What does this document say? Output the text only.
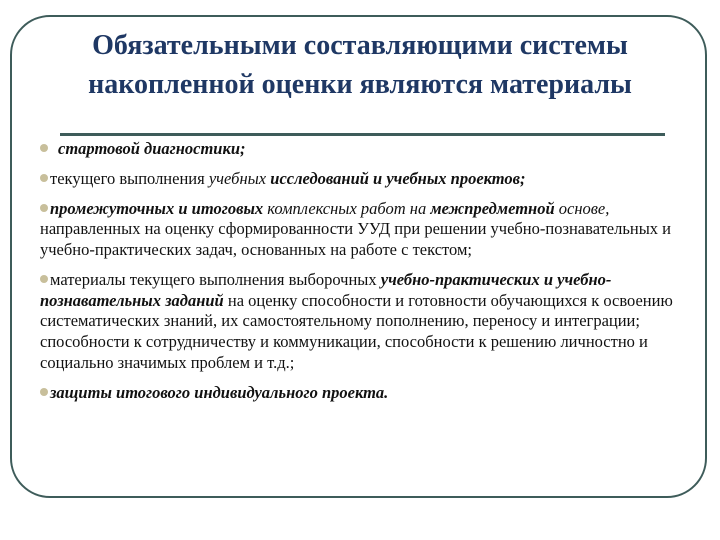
Обязательными составляющими системы
накопленной оценки являются материалы

стартовой диагностики;

текущего выполнения учебных исследований и учебных проектов;

промежуточных и итоговых комплексных работ на межпредметной основе, направленных на оценку сформированности УУД при решении учебно-познавательных и учебно-практических задач, основанных на работе с текстом;

материалы текущего выполнения выборочных учебно-практических и учебно-познавательных заданий на оценку способности и готовности обучающихся к освоению систематических знаний, их самостоятельному пополнению, переносу и интеграции; способности к сотрудничеству и коммуникации, способности к решению личностно и социально значимых проблем и т.д.;

защиты итогового индивидуального проекта.
